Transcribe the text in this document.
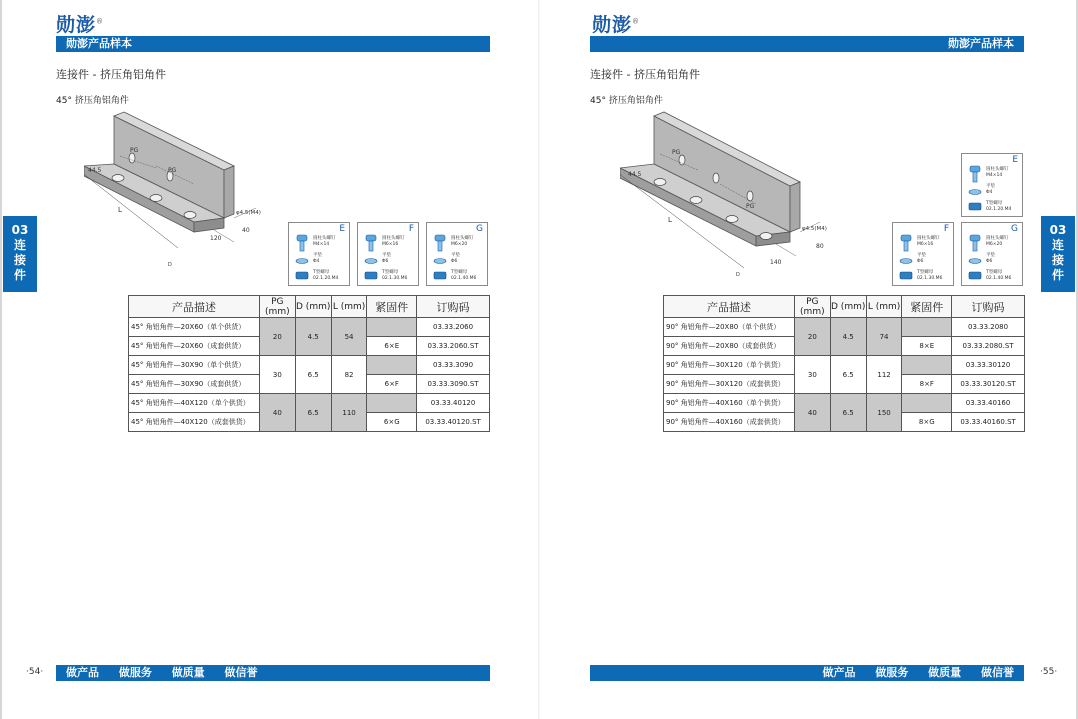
勋澎®
勋澎产品样本
连接件 - 挤压角铝角件
45° 挤压角铝角件
03
连
接
件
PG
PG
L
44.5
φ4.5(M4)
40
120
D
E
圆柱头螺钉
M4×14
平垫
Φ4
T型螺母
02.1.20.M4
F
圆柱头螺钉
M6×16
平垫
Φ6
T型螺母
02.1.30.M6
G
圆柱头螺钉
M6×20
平垫
Φ6
T型螺母
02.1.40.M6
产品描述	PG (mm)	D (mm)	L (mm)	紧固件	订购码
45° 角铝角件—20X60（单个供货）	20	4.5	54		03.33.2060
45° 角铝角件—20X60（成套供货）				6×E	03.33.2060.ST
45° 角铝角件—30X90（单个供货）	30	6.5	82		03.33.3090
45° 角铝角件—30X90（成套供货）				6×F	03.33.3090.ST
45° 角铝角件—40X120（单个供货）	40	6.5	110		03.33.40120
45° 角铝角件—40X120（成套供货）				6×G	03.33.40120.ST
做产品 做服务 做质量 做信誉
·54·
勋澎®
勋澎产品样本
连接件 - 挤压角铝角件
45° 挤压角铝角件
03
连
接
件
PG
PG
L
44.5
φ4.5(M4)
80
140
D
E
圆柱头螺钉
M4×14
平垫
Φ4
T型螺母
02.1.20.M4
F
圆柱头螺钉
M6×16
平垫
Φ6
T型螺母
02.1.30.M6
G
圆柱头螺钉
M6×20
平垫
Φ6
T型螺母
02.1.40.M6
产品描述	PG (mm)	D (mm)	L (mm)	紧固件	订购码
90° 角铝角件—20X80（单个供货）	20	4.5	74		03.33.2080
90° 角铝角件—20X80（成套供货）				8×E	03.33.2080.ST
90° 角铝角件—30X120（单个供货）	30	6.5	112		03.33.30120
90° 角铝角件—30X120（成套供货）				8×F	03.33.30120.ST
90° 角铝角件—40X160（单个供货）	40	6.5	150		03.33.40160
90° 角铝角件—40X160（成套供货）				8×G	03.33.40160.ST
做产品 做服务 做质量 做信誉	·55·
